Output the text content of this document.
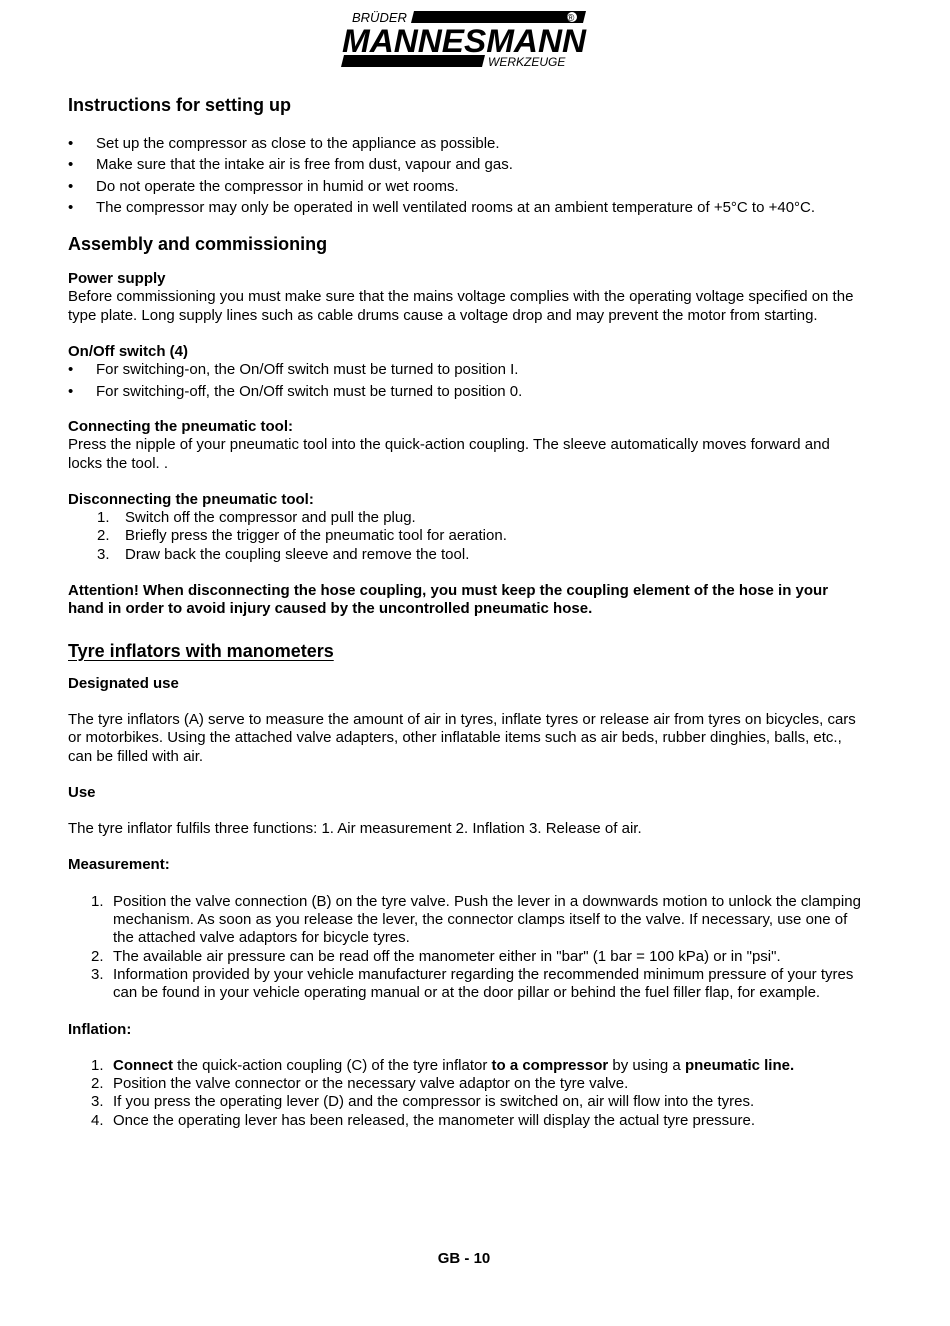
BRÜDER	®
MANNESMANN
WERKZEUGE
Instructions for setting up
• Set up the compressor as close to the appliance as possible.
• Make sure that the intake air is free from dust, vapour and gas.
• Do not operate the compressor in humid or wet rooms.
• The compressor may only be operated in well ventilated rooms at an ambient temperature of +5°C to +40°C.
Assembly and commissioning

Power supply

Before commissioning you must make sure that the mains voltage complies with the operating voltage specified on the type plate. Long supply lines such as cable drums cause a voltage drop and may prevent the motor from starting.

On/Off switch (4)

• For switching-on, the On/Off switch must be turned to position I.
• For switching-off, the On/Off switch must be turned to position 0.

Connecting the pneumatic tool:

Press the nipple of your pneumatic tool into the quick-action coupling. The sleeve automatically moves forward and locks the tool. .

Disconnecting the pneumatic tool:

1. Switch off the compressor and pull the plug.
2. Briefly press the trigger of the pneumatic tool for aeration.
3. Draw back the coupling sleeve and remove the tool.

Attention! When disconnecting the hose coupling, you must keep the coupling element of the hose in your hand in order to avoid injury caused by the uncontrolled pneumatic hose.

Tyre inflators with manometers

Designated use

The tyre inflators (A) serve to measure the amount of air in tyres, inflate tyres or release air from tyres on bicycles, cars or motorbikes. Using the attached valve adapters, other inflatable items such as air beds, rubber dinghies, balls, etc., can be filled with air.

Use

The tyre inflator fulfils three functions: 1. Air measurement 2. Inflation 3. Release of air.

Measurement:

1. Position the valve connection (B) on the tyre valve. Push the lever in a downwards motion to unlock the clamping mechanism. As soon as you release the lever, the connector clamps itself to the valve. If necessary, use one of the attached valve adaptors for bicycle tyres.
2. The available air pressure can be read off the manometer either in "bar" (1 bar = 100 kPa) or in "psi".
3. Information provided by your vehicle manufacturer regarding the recommended minimum pressure of your tyres can be found in your vehicle operating manual or at the door pillar or behind the fuel filler flap, for example.

Inflation:

1. Connect the quick-action coupling (C) of the tyre inflator to a compressor by using a pneumatic line.
2. Position the valve connector or the necessary valve adaptor on the tyre valve.
3. If you press the operating lever (D) and the compressor is switched on, air will flow into the tyres.
4. Once the operating lever has been released, the manometer will display the actual tyre pressure.
GB - 10
